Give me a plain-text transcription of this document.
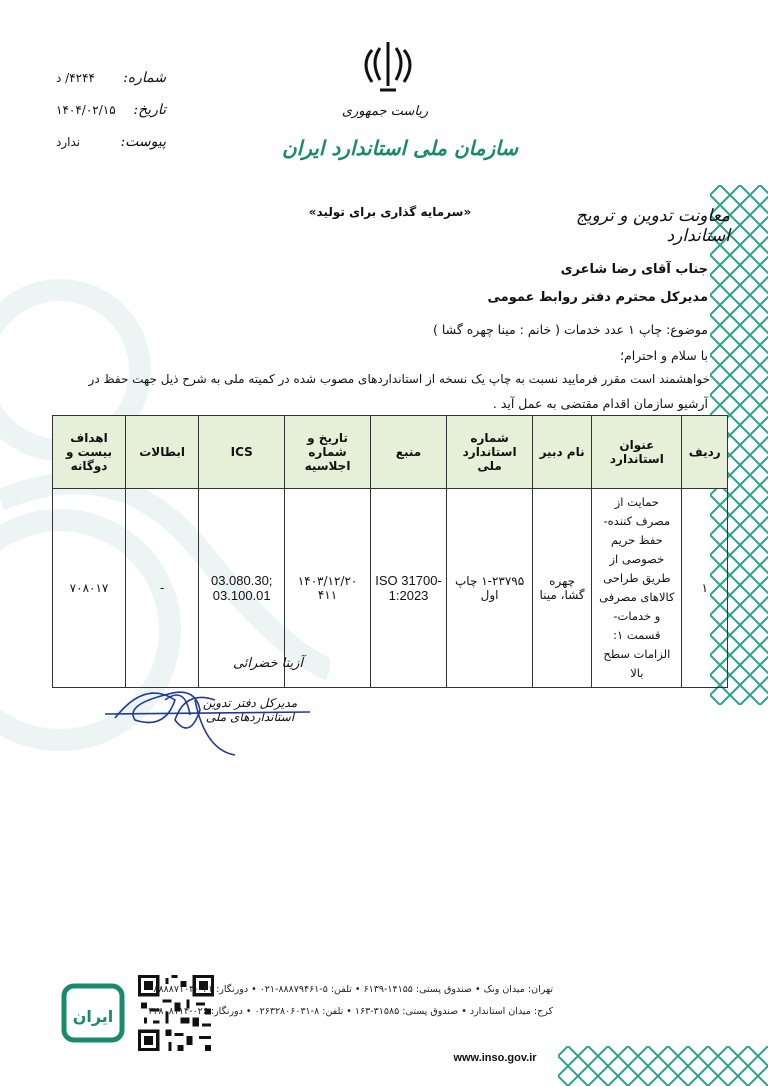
شماره:
۴۲۴۴/ د
تاریخ:
۱۴۰۴/۰۲/۱۵
پیوست:
ندارد
ریاست جمهوری
سازمان ملی استاندارد ایران
«سرمایه گذاری برای تولید»	معاونت تدوین و ترویج استاندارد
جناب آقای رضا شاعری
مدیرکل محترم دفتر روابط عمومی
موضوع: چاپ ۱ عدد خدمات ( خانم : مینا چهره گشا )
با سلام و احترام؛
خواهشمند است مقرر فرمایید نسبت به چاپ یک نسخه از استانداردهای مصوب شده در کمیته ملی به شرح ذیل جهت حفظ در
آرشیو سازمان اقدام مقتضی به عمل آید .
ردیف	عنوان استاندارد	نام دبیر	شماره استاندارد ملی	منبع	تاریخ و شماره اجلاسیه	ICS	ابطالات	اهداف بیست و دوگانه
۱	حمایت از مصرف کننده- حفظ حریم خصوصی از طریق طراحی کالاهای مصرفی و خدمات- قسمت ۱: الزامات سطح بالا	چهره گشا، مینا	۱-۲۳۷۹۵ چاپ اول	ISO 31700-1:2023	۱۴۰۳/۱۲/۲۰ ۴۱۱	03.080.30; 03.100.01	-	۷۰۸۰۱۷
آزیتا خضرائی
مدیرکل دفتر تدوین استانداردهای ملی
ایران
تهران: میدان ونک • صندوق پستی: ۱۴۱۵۵-۶۱۳۹ • تلفن: ۵-۸۸۸۷۹۴۶۱-۰۲۱ • دورنگار: ۰۲۱-۸۸۸۸۷۱۰۳
کرج: میدان استاندارد • صندوق پستی: ۳۱۵۸۵-۱۶۳ • تلفن: ۸-۰۲۶۳۲۸۰۶۰۳۱ • دورنگار: ۰۲۶-۳۲۸۰۸۱۱۴
www.inso.gov.ir
